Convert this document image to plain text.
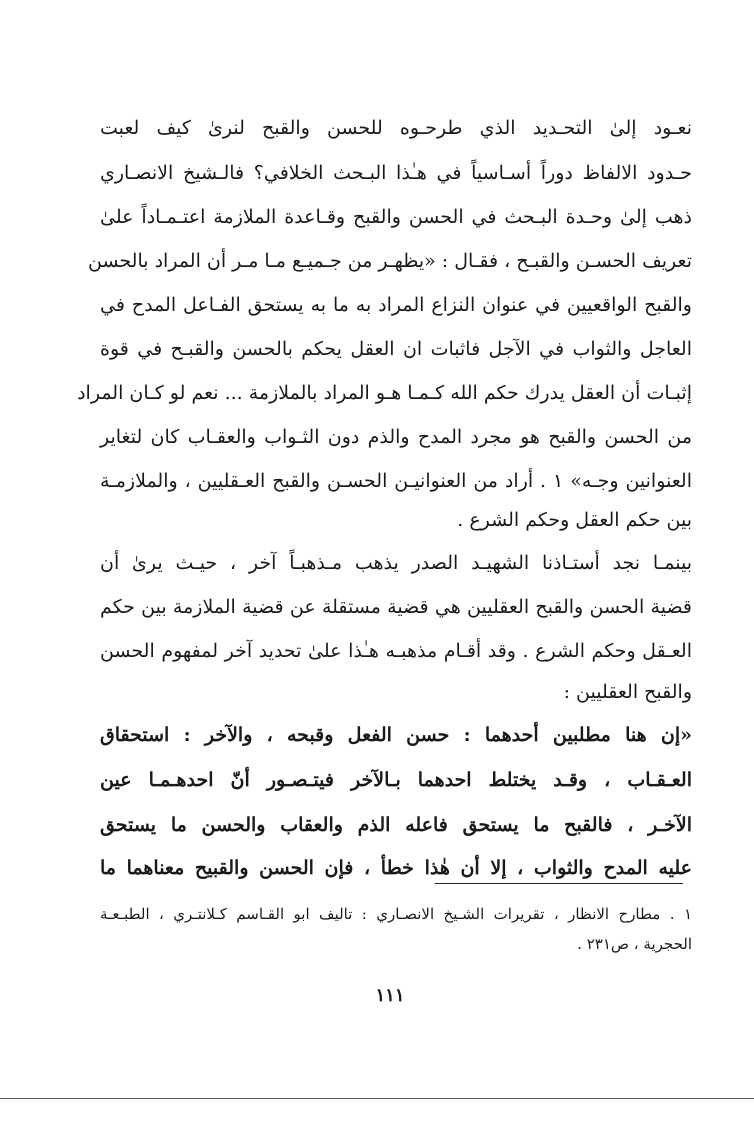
نعـود إلىٰ التحـديد الذي طرحـوه للحسن والقبح لنرىٰ كيف لعبت
حـدود الالفاظ دوراً أسـاسياً في هـٰذا البـحث الخلافي؟ فالـشيخ الانصـاري
ذهب إلىٰ وحـدة البـحث في الحسن والقبح وقـاعدة الملازمة اعتـمـاداً علىٰ
تعريف الحسـن والقبـح ، فقـال : «يظهـر من جـميـع مـا مـر أن المراد بالحسن
والقبح الواقعيين في عنوان النزاع المراد به ما به يستحق الفـاعل المدح في
العاجل والثواب في الآجل فاثبات ان العقل يحكم بالحسن والقبـح في قوة
إثبـات أن العقل يدرك حكم الله كـمـا هـو المراد بالملازمة ... نعم لو كـان المراد
من الحسن والقبح هو مجرد المدح والذم دون الثـواب والعقـاب كان لتغاير
العنوانين وجـه» ١ . أراد من العنوانيـن الحسـن والقبح العـقليين ، والملازمـة
بين حكم العقل وحكم الشرع .
بينمـا نجد أستـاذنا الشهيـد الصدر يذهب مـذهبـاً آخر ، حيـث يرىٰ أن
قضية الحسن والقبح العقليين هي قضية مستقلة عن قضية الملازمة بين حكم
العـقل وحكم الشرع . وقد أقـام مذهبـه هـٰذا علىٰ تحديد آخر لمفهوم الحسن
والقبح العقليين :
«إن هنا مطلبين أحدهما : حسن الفعل وقبحه ، والآخر : استحقاق
العـقـاب ، وقـد يختلط احدهما بـالآخر فيتـصـور أنّ احدهـمـا عين
الآخـر ، فالقبح ما يستحق فاعله الذم والعقاب والحسن ما يستحق
عليه المدح والثواب ، إلا أن هٰذا خطأ ، فإن الحسن والقبيح معناهما ما
١ . مطارح الانظار ، تقريرات الشـيخ الانصـاري : تاليف ابو القـاسم كـلانتـري ، الطبـعـة
الحجرية ، ص٢٣١ .
١١١
